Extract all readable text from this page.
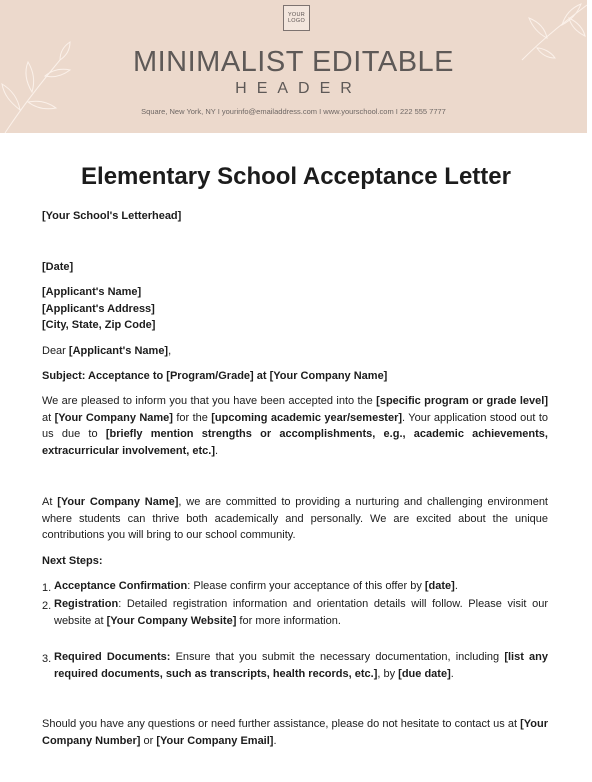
YOUR
LOGO
MINIMALIST EDITABLE
HEADER
Square, New York, NY I yourinfo@emailaddress.com I www.yourschool.com I 222 555 7777
Elementary School Acceptance Letter

[Your School's Letterhead]

[Date]

[Applicant's Name]
[Applicant's Address]
[City, State, Zip Code]

Dear [Applicant's Name],

Subject: Acceptance to [Program/Grade] at [Your Company Name]

We are pleased to inform you that you have been accepted into the [specific program or grade level] at [Your Company Name] for the [upcoming academic year/semester]. Your application stood out to us due to [briefly mention strengths or accomplishments, e.g., academic achievements, extracurricular involvement, etc.].

At [Your Company Name], we are committed to providing a nurturing and challenging environment where students can thrive both academically and personally. We are excited about the unique contributions you will bring to our school community.

Next Steps:

1. Acceptance Confirmation: Please confirm your acceptance of this offer by [date].
2. Registration: Detailed registration information and orientation details will follow. Please visit our website at [Your Company Website] for more information.
3. Required Documents: Ensure that you submit the necessary documentation, including [list any required documents, such as transcripts, health records, etc.], by [due date].

Should you have any questions or need further assistance, please do not hesitate to contact us at [Your Company Number] or [Your Company Email].
